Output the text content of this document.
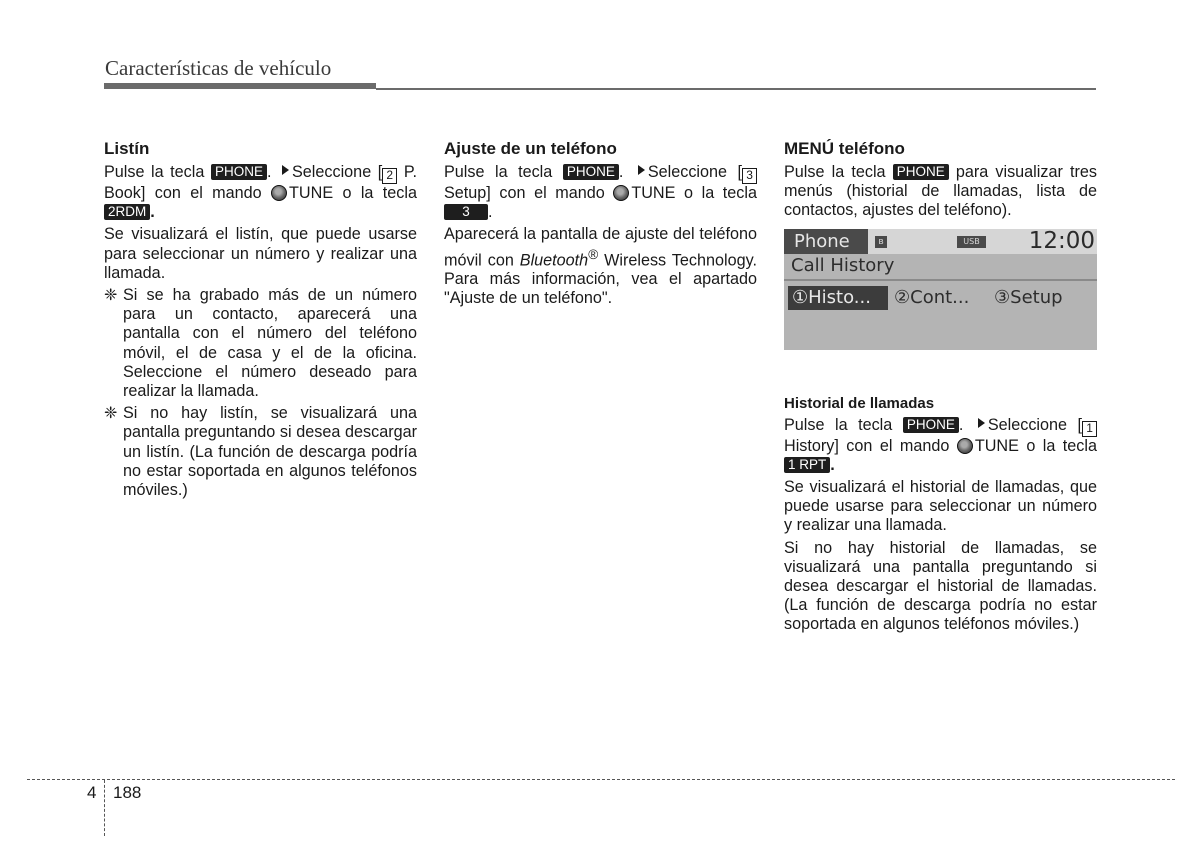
Características de vehículo
Listín

Pulse la tecla PHONE . Seleccione [ 2 P. Book] con el mando TUNE o la tecla 2RDM .

Se visualizará el listín, que puede usarse para seleccionar un número y realizar una llamada.

❈ Si se ha grabado más de un número para un contacto, aparecerá una pantalla con el número del teléfono móvil, el de casa y el de la oficina. Seleccione el número deseado para realizar la llamada.
❈ Si no hay listín, se visualizará una pantalla preguntando si desea descargar un listín. (La función de descarga podría no estar soportada en algunos teléfonos móviles.)
Ajuste de un teléfono

Pulse la tecla PHONE . Seleccione [ 3 Setup] con el mando TUNE o la tecla 3 .

Aparecerá la pantalla de ajuste del teléfono móvil con Bluetooth® Wireless Technology. Para más información, vea el apartado "Ajuste de un teléfono".

MENÚ teléfono

Pulse la tecla PHONE para visualizar tres menús (historial de llamadas, lista de contactos, ajustes del teléfono).

Phone	ʙ	USB 12:00
Call History
①Histo...	②Cont...	③Setup
Historial de llamadas

Pulse la tecla PHONE . Seleccione [ 1 History] con el mando TUNE o la tecla 1 RPT .

Se visualizará el historial de llamadas, que puede usarse para seleccionar un número y realizar una llamada.

Si no hay historial de llamadas, se visualizará una pantalla preguntando si desea descargar el historial de llamadas. (La función de descarga podría no estar soportada en algunos teléfonos móviles.)

4 188
